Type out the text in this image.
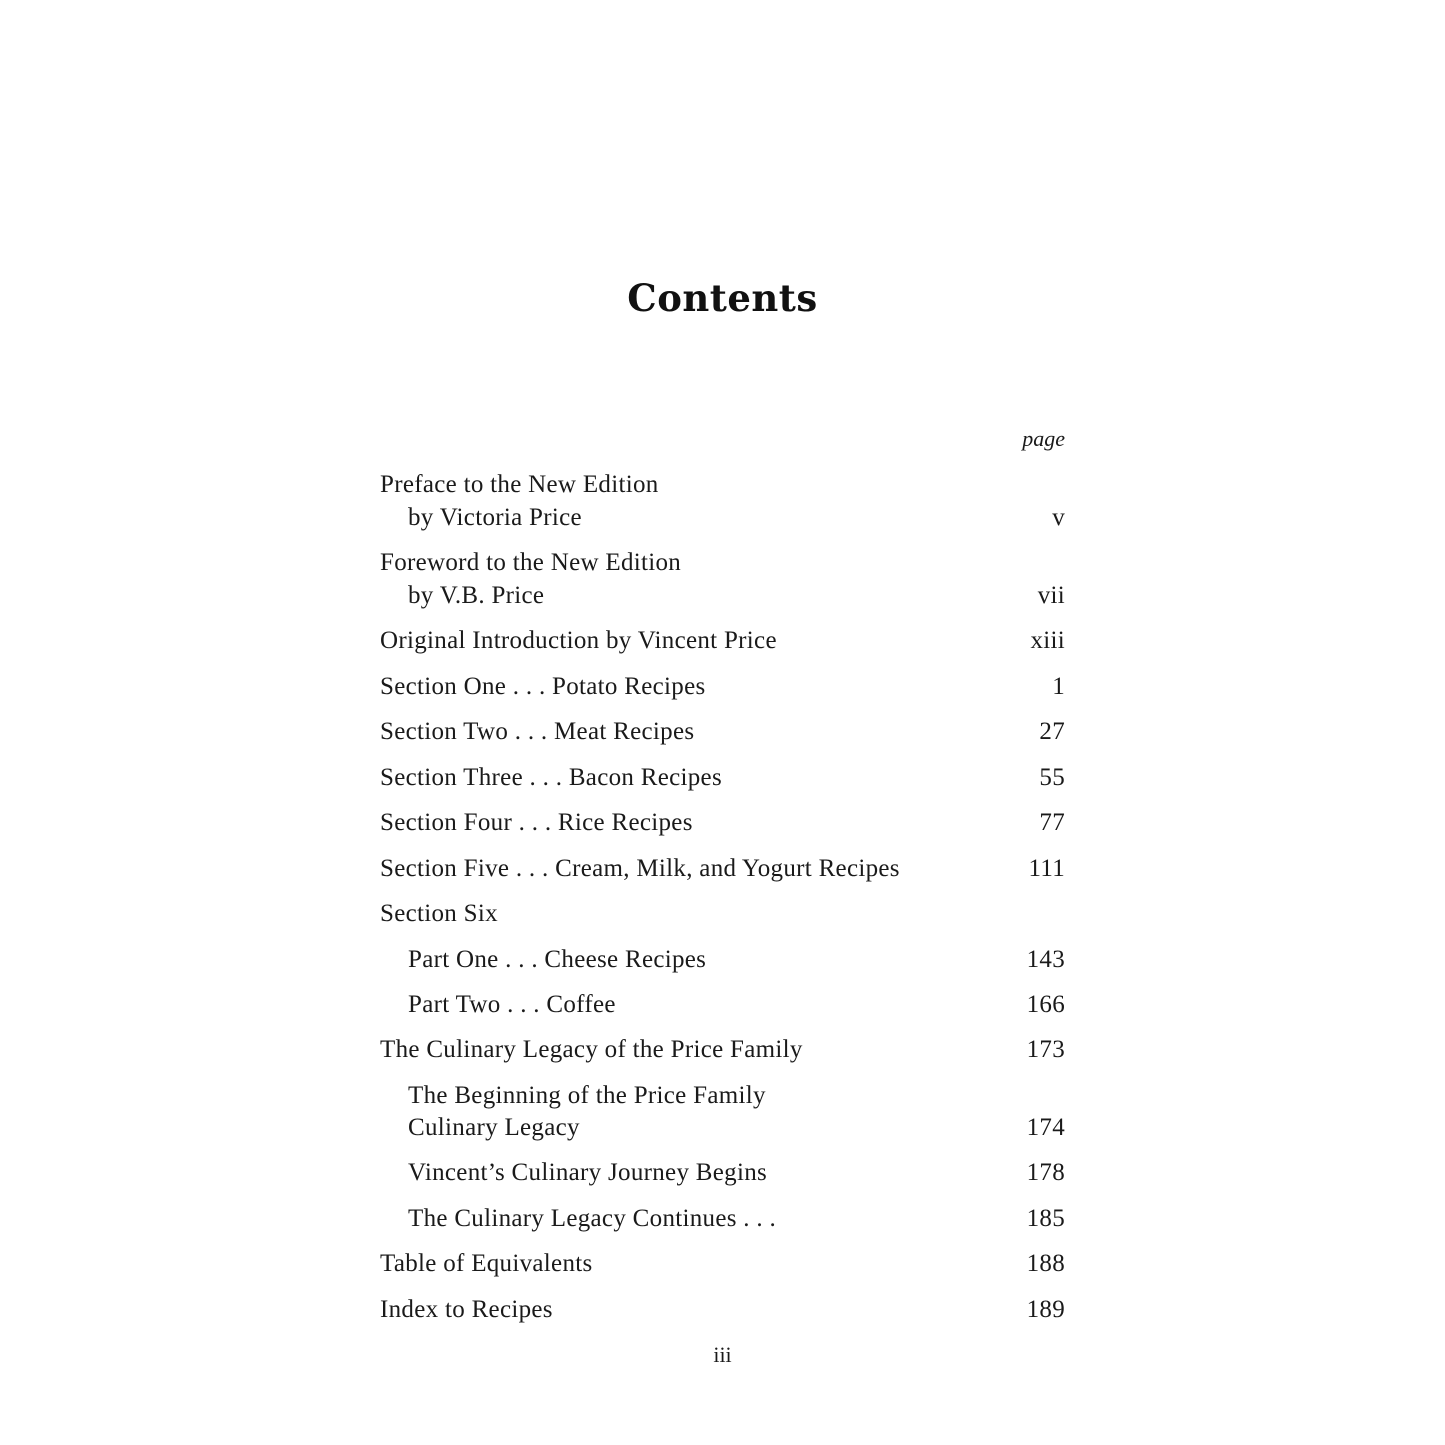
Contents
page
Preface to the New Edition
by Victoria Price	v
Foreword to the New Edition
by V.B. Price	vii
Original Introduction by Vincent Price	xiii
Section One . . . Potato Recipes	1
Section Two . . . Meat Recipes	27
Section Three . . . Bacon Recipes	55
Section Four . . . Rice Recipes	77
Section Five . . . Cream, Milk, and Yogurt Recipes	111
Section Six
Part One . . . Cheese Recipes	143
Part Two . . . Coffee	166
The Culinary Legacy of the Price Family	173
The Beginning of the Price Family
Culinary Legacy	174
Vincent’s Culinary Journey Begins	178
The Culinary Legacy Continues . . .	185
Table of Equivalents	188
Index to Recipes	189
iii
